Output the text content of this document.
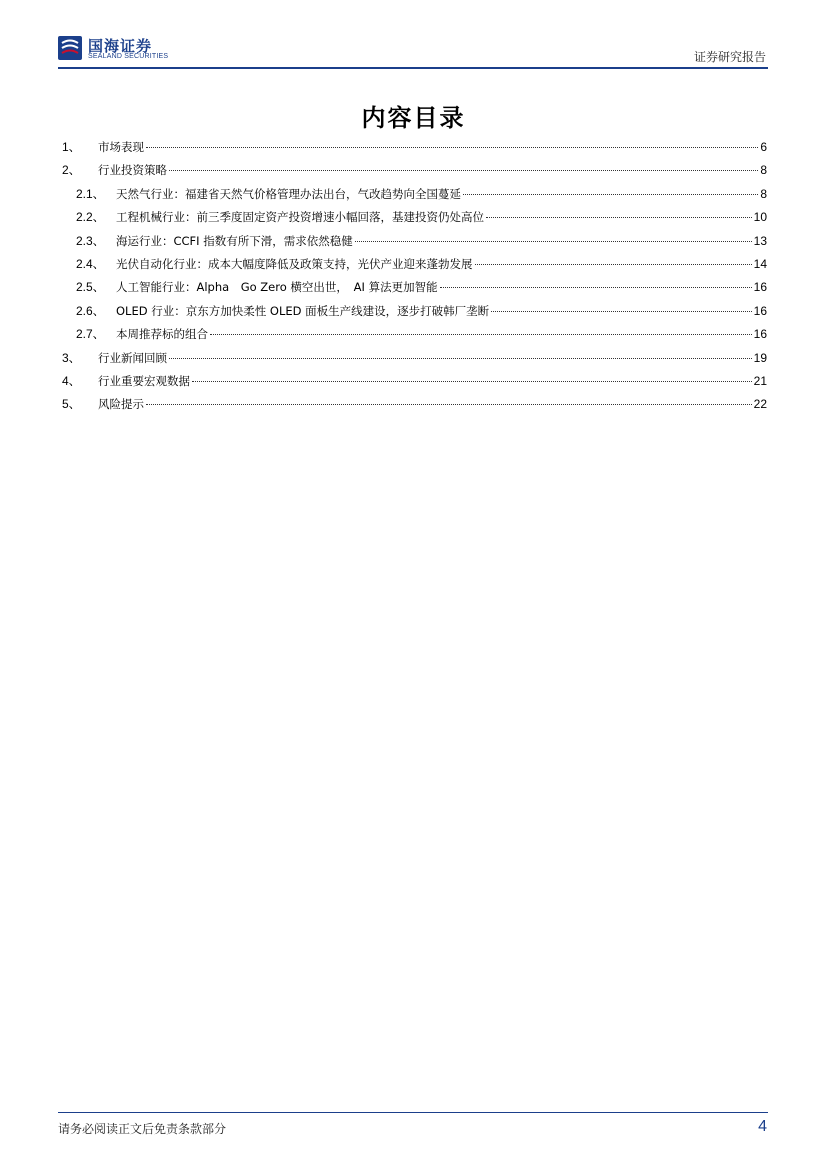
国海证券
SEALAND SECURITIES	证券研究报告
内容目录
1、	市场表现	6
2、	行业投资策略	8
2.1、 天然气行业：福建省天然气价格管理办法出台，气改趋势向全国蔓延	8
2.2、 工程机械行业：前三季度固定资产投资增速小幅回落，基建投资仍处高位	10
2.3、 海运行业：CCFI 指数有所下滑，需求依然稳健	13
2.4、 光伏自动化行业：成本大幅度降低及政策支持，光伏产业迎来蓬勃发展	14
2.5、 人工智能行业：Alpha　Go Zero 横空出世，　AI 算法更加智能	16
2.6、 OLED 行业：京东方加快柔性 OLED 面板生产线建设，逐步打破韩厂垄断	16
2.7、 本周推荐标的组合	16
3、	行业新闻回顾	19
4、	行业重要宏观数据	21
5、	风险提示	22
请务必阅读正文后免责条款部分	4
